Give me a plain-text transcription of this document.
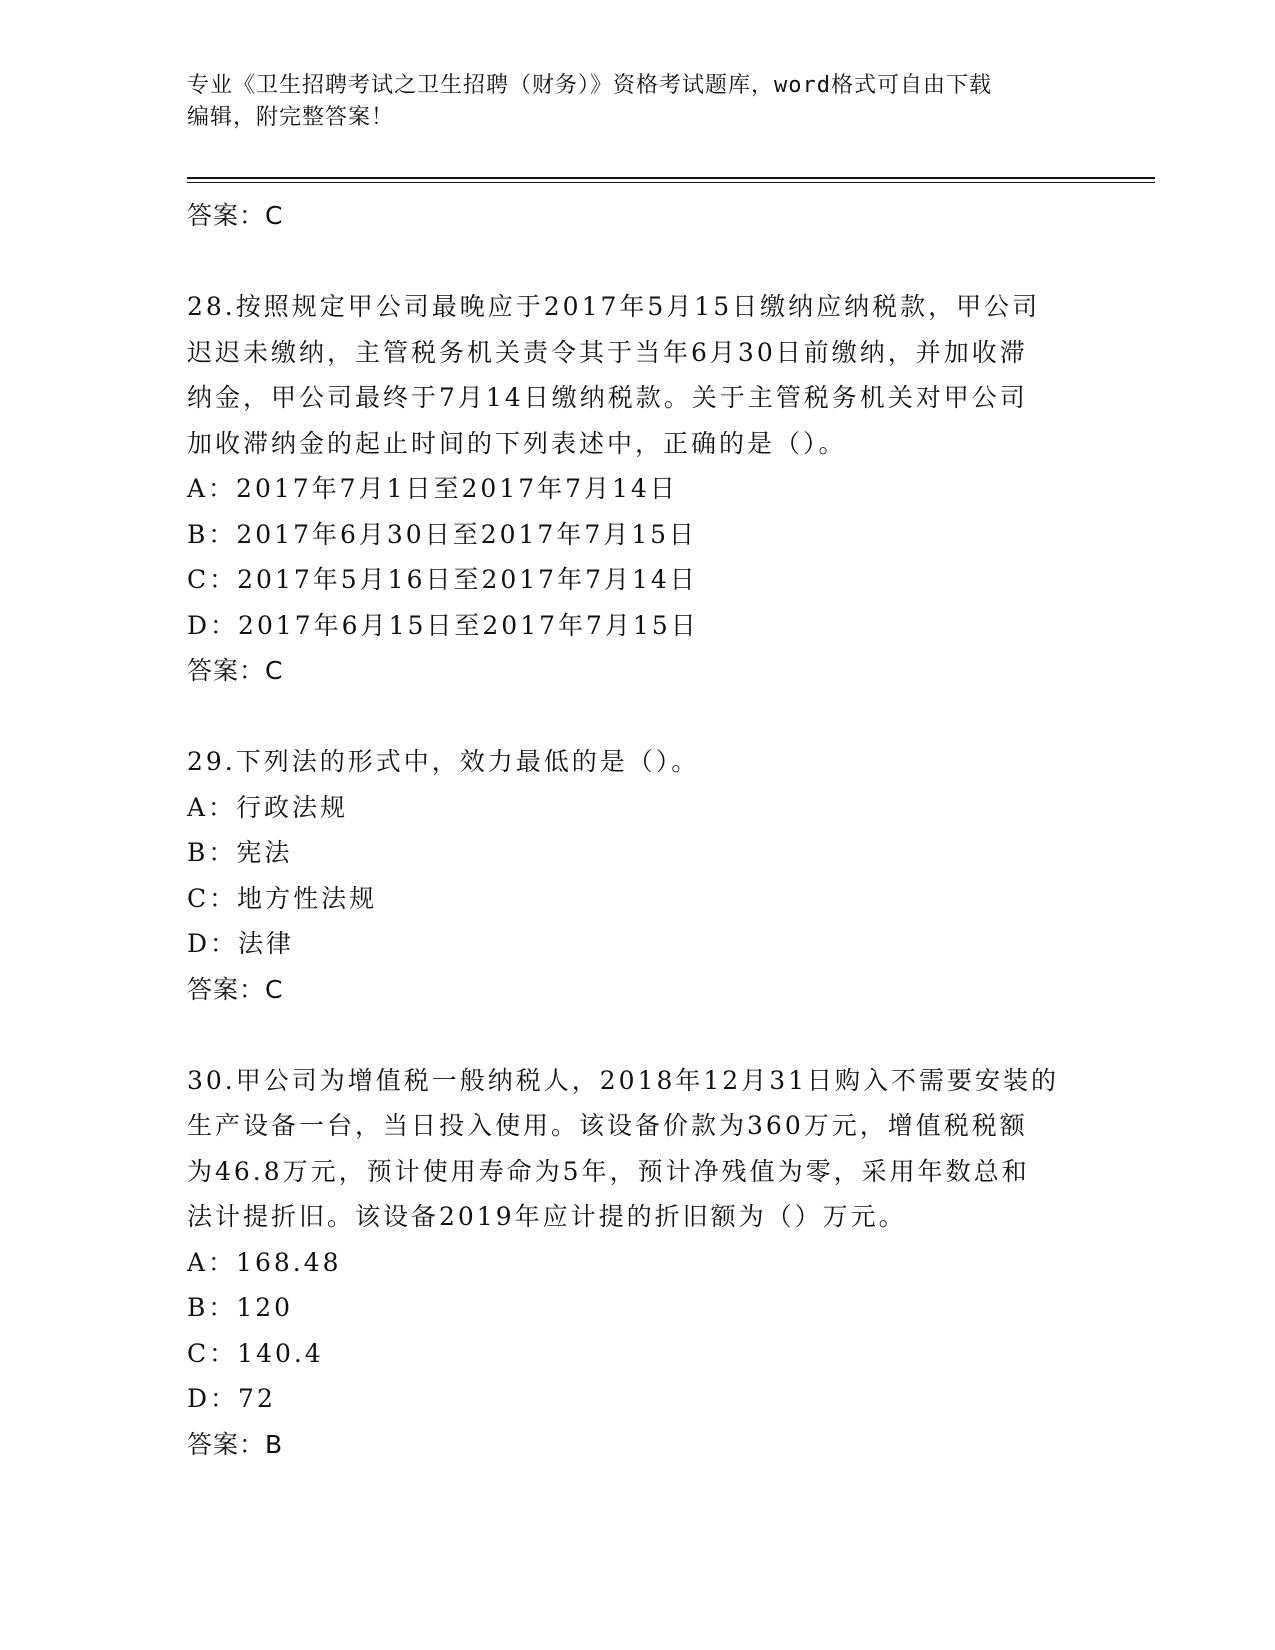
专业《卫生招聘考试之卫生招聘（财务）》资格考试题库，word格式可自由下载
编辑，附完整答案！
答案：C
28.按照规定甲公司最晚应于2017年5月15日缴纳应纳税款，甲公司
迟迟未缴纳，主管税务机关责令其于当年6月30日前缴纳，并加收滞
纳金，甲公司最终于7月14日缴纳税款。关于主管税务机关对甲公司
加收滞纳金的起止时间的下列表述中，正确的是（）。
A：2017年7月1日至2017年7月14日
B：2017年6月30日至2017年7月15日
C：2017年5月16日至2017年7月14日
D：2017年6月15日至2017年7月15日
答案：C
29.下列法的形式中，效力最低的是（）。
A：行政法规
B：宪法
C：地方性法规
D：法律
答案：C
30.甲公司为增值税一般纳税人，2018年12月31日购入不需要安装的
生产设备一台，当日投入使用。该设备价款为360万元，增值税税额
为46.8万元，预计使用寿命为5年，预计净残值为零，采用年数总和
法计提折旧。该设备2019年应计提的折旧额为（）万元。
A：168.48
B：120
C：140.4
D：72
答案：B
